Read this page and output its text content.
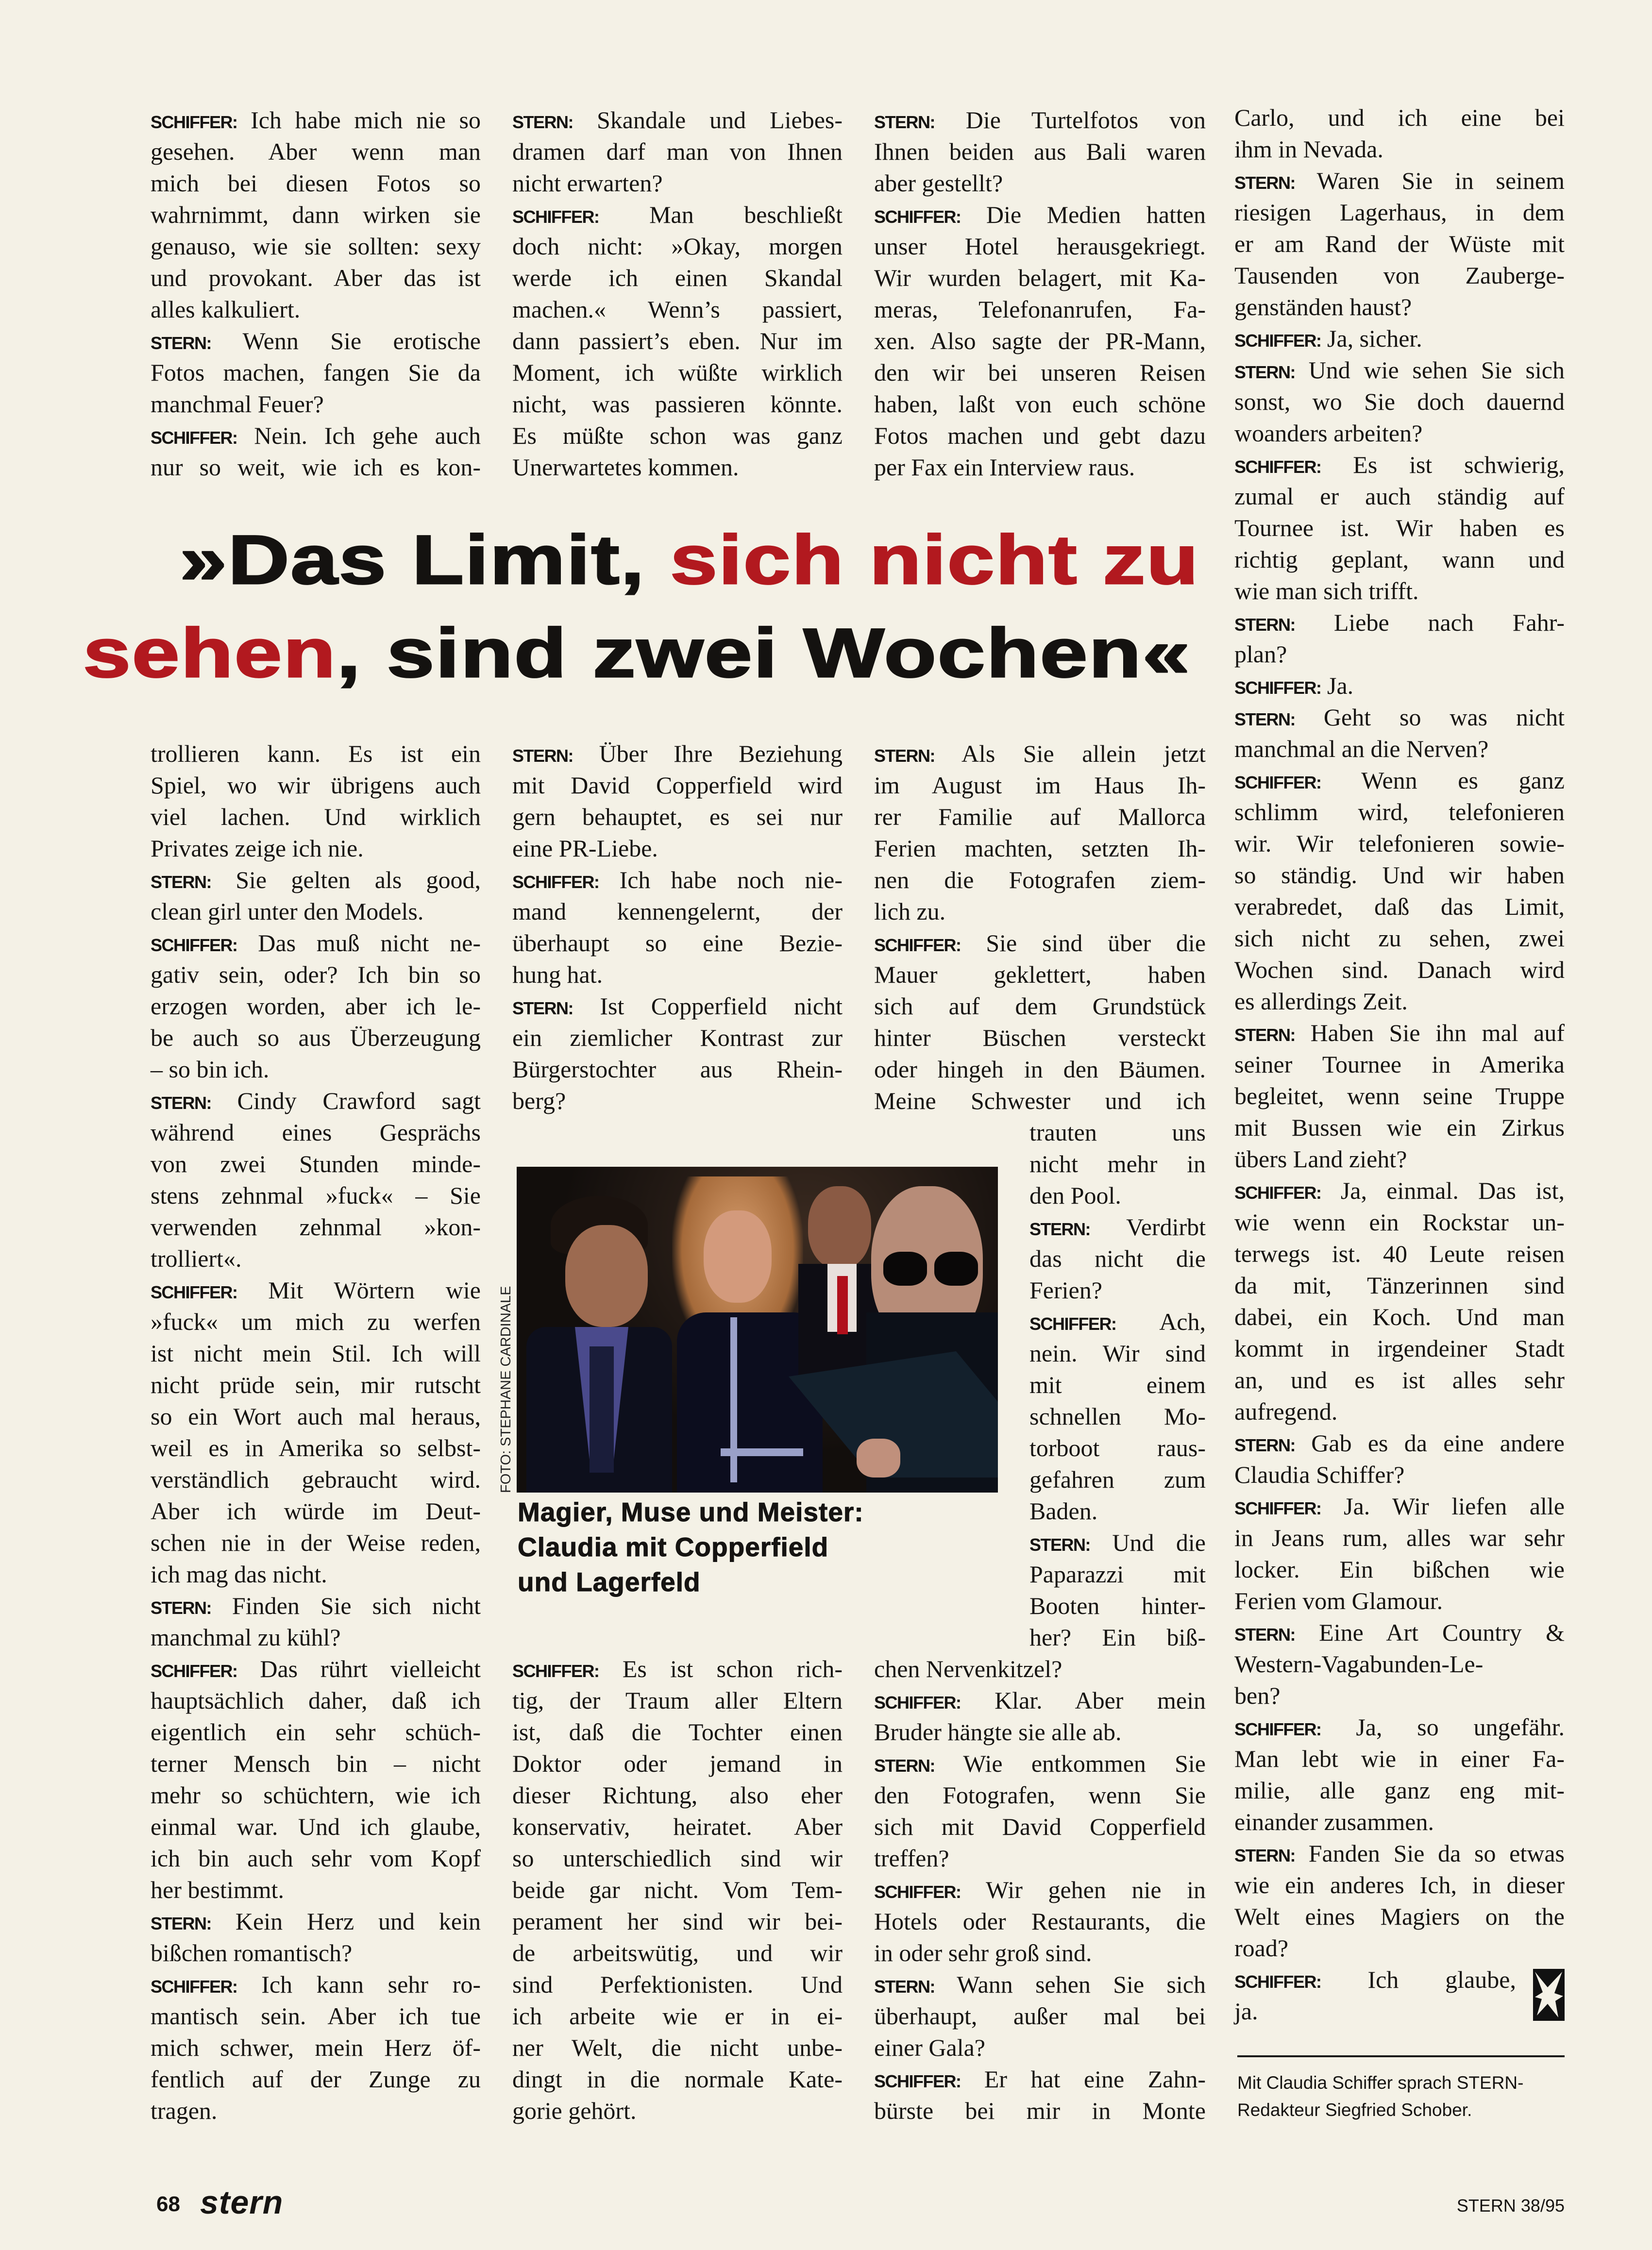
SCHIFFER: Ich habe mich nie so
gesehen. Aber wenn man
mich bei diesen Fotos so
wahrnimmt, dann wirken sie
genauso, wie sie sollten: sexy
und provokant. Aber das ist
alles kalkuliert.
STERN: Wenn Sie erotische
Fotos machen, fangen Sie da
manchmal Feuer?
SCHIFFER: Nein. Ich gehe auch
nur so weit, wie ich es kon-
STERN: Skandale und Liebes-
dramen darf man von Ihnen
nicht erwarten?
SCHIFFER: Man beschließt
doch nicht: »Okay, morgen
werde ich einen Skandal
machen.« Wenn’s passiert,
dann passiert’s eben. Nur im
Moment, ich wüßte wirklich
nicht, was passieren könnte.
Es müßte schon was ganz
Unerwartetes kommen.
STERN: Die Turtelfotos von
Ihnen beiden aus Bali waren
aber gestellt?
SCHIFFER: Die Medien hatten
unser Hotel herausgekriegt.
Wir wurden belagert, mit Ka-
meras, Telefonanrufen, Fa-
xen. Also sagte der PR-Mann,
den wir bei unseren Reisen
haben, laßt von euch schöne
Fotos machen und gebt dazu
per Fax ein Interview raus.
Carlo, und ich eine bei
ihm in Nevada.
STERN: Waren Sie in seinem
riesigen Lagerhaus, in dem
er am Rand der Wüste mit
Tausenden von Zauberge-
genständen haust?
SCHIFFER: Ja, sicher.
STERN: Und wie sehen Sie sich
sonst, wo Sie doch dauernd
woanders arbeiten?
SCHIFFER: Es ist schwierig,
zumal er auch ständig auf
Tournee ist. Wir haben es
richtig geplant, wann und
wie man sich trifft.
STERN: Liebe nach Fahr-
plan?
SCHIFFER: Ja.
STERN: Geht so was nicht
manchmal an die Nerven?
SCHIFFER: Wenn es ganz
schlimm wird, telefonieren
wir. Wir telefonieren sowie-
so ständig. Und wir haben
verabredet, daß das Limit,
sich nicht zu sehen, zwei
Wochen sind. Danach wird
es allerdings Zeit.
STERN: Haben Sie ihn mal auf
seiner Tournee in Amerika
begleitet, wenn seine Truppe
mit Bussen wie ein Zirkus
übers Land zieht?
SCHIFFER: Ja, einmal. Das ist,
wie wenn ein Rockstar un-
terwegs ist. 40 Leute reisen
da mit, Tänzerinnen sind
dabei, ein Koch. Und man
kommt in irgendeiner Stadt
an, und es ist alles sehr
aufregend.
STERN: Gab es da eine andere
Claudia Schiffer?
SCHIFFER: Ja. Wir liefen alle
in Jeans rum, alles war sehr
locker. Ein bißchen wie
Ferien vom Glamour.
STERN: Eine Art Country &
Western-Vagabunden-Le-
ben?
SCHIFFER: Ja, so ungefähr.
Man lebt wie in einer Fa-
milie, alle ganz eng mit-
einander zusammen.
STERN: Fanden Sie da so etwas
wie ein anderes Ich, in dieser
Welt eines Magiers on the
road?
SCHIFFER: Ich glaube,
ja.
trollieren kann. Es ist ein
Spiel, wo wir übrigens auch
viel lachen. Und wirklich
Privates zeige ich nie.
STERN: Sie gelten als good,
clean girl unter den Models.
SCHIFFER: Das muß nicht ne-
gativ sein, oder? Ich bin so
erzogen worden, aber ich le-
be auch so aus Überzeugung
– so bin ich.
STERN: Cindy Crawford sagt
während eines Gesprächs
von zwei Stunden minde-
stens zehnmal »fuck« – Sie
verwenden zehnmal »kon-
trolliert«.
SCHIFFER: Mit Wörtern wie
»fuck« um mich zu werfen
ist nicht mein Stil. Ich will
nicht prüde sein, mir rutscht
so ein Wort auch mal heraus,
weil es in Amerika so selbst-
verständlich gebraucht wird.
Aber ich würde im Deut-
schen nie in der Weise reden,
ich mag das nicht.
STERN: Finden Sie sich nicht
manchmal zu kühl?
SCHIFFER: Das rührt vielleicht
hauptsächlich daher, daß ich
eigentlich ein sehr schüch-
terner Mensch bin – nicht
mehr so schüchtern, wie ich
einmal war. Und ich glaube,
ich bin auch sehr vom Kopf
her bestimmt.
STERN: Kein Herz und kein
bißchen romantisch?
SCHIFFER: Ich kann sehr ro-
mantisch sein. Aber ich tue
mich schwer, mein Herz öf-
fentlich auf der Zunge zu
tragen.
STERN: Über Ihre Beziehung
mit David Copperfield wird
gern behauptet, es sei nur
eine PR-Liebe.
SCHIFFER: Ich habe noch nie-
mand kennengelernt, der
überhaupt so eine Bezie-
hung hat.
STERN: Ist Copperfield nicht
ein ziemlicher Kontrast zur
Bürgerstochter aus Rhein-
berg?
SCHIFFER: Es ist schon rich-
tig, der Traum aller Eltern
ist, daß die Tochter einen
Doktor oder jemand in
dieser Richtung, also eher
konservativ, heiratet. Aber
so unterschiedlich sind wir
beide gar nicht. Vom Tem-
perament her sind wir bei-
de arbeitswütig, und wir
sind Perfektionisten. Und
ich arbeite wie er in ei-
ner Welt, die nicht unbe-
dingt in die normale Kate-
gorie gehört.
STERN: Als Sie allein jetzt
im August im Haus Ih-
rer Familie auf Mallorca
Ferien machten, setzten Ih-
nen die Fotografen ziem-
lich zu.
SCHIFFER: Sie sind über die
Mauer geklettert, haben
sich auf dem Grundstück
hinter Büschen versteckt
oder hingeh in den Bäumen.
Meine Schwester und ich
trauten uns
nicht mehr in
den Pool.
STERN: Verdirbt
das nicht die
Ferien?
SCHIFFER: Ach,
nein. Wir sind
mit einem
schnellen Mo-
torboot raus-
gefahren zum
Baden.
STERN: Und die
Paparazzi mit
Booten hinter-
her? Ein biß-
chen Nervenkitzel?
SCHIFFER: Klar. Aber mein
Bruder hängte sie alle ab.
STERN: Wie entkommen Sie
den Fotografen, wenn Sie
sich mit David Copperfield
treffen?
SCHIFFER: Wir gehen nie in
Hotels oder Restaurants, die
in oder sehr groß sind.
STERN: Wann sehen Sie sich
überhaupt, außer mal bei
einer Gala?
SCHIFFER: Er hat eine Zahn-
bürste bei mir in Monte
»Das Limit, sich nicht zu
sehen, sind zwei Wochen«
FOTO: STEPHANE CARDINALE
Magier, Muse und Meister:
Claudia mit Copperfield
und Lagerfeld
Mit Claudia Schiffer sprach STERN-
Redakteur Siegfried Schober.
68 stern	STERN 38/95
